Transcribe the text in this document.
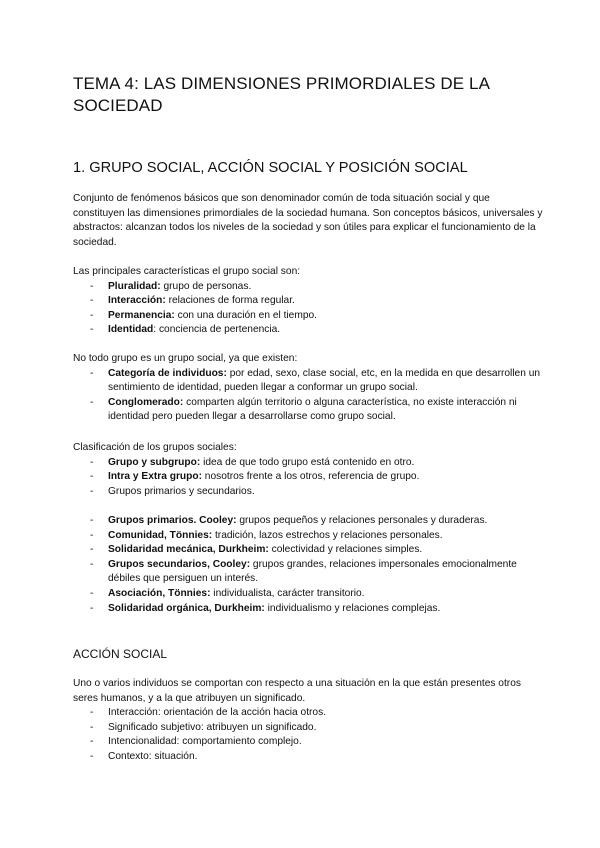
TEMA 4: LAS DIMENSIONES PRIMORDIALES DE LA SOCIEDAD
1. GRUPO SOCIAL, ACCIÓN SOCIAL Y POSICIÓN SOCIAL

Conjunto de fenómenos básicos que son denominador común de toda situación social y que constituyen las dimensiones primordiales de la sociedad humana. Son conceptos básicos, universales y abstractos: alcanzan todos los niveles de la sociedad y son útiles para explicar el funcionamiento de la sociedad.

Las principales características el grupo social son:

- Pluralidad: grupo de personas.
- Interacción: relaciones de forma regular.
- Permanencia: con una duración en el tiempo.
- Identidad: conciencia de pertenencia.

No todo grupo es un grupo social, ya que existen:

- Categoría de individuos: por edad, sexo, clase social, etc, en la medida en que desarrollen un sentimiento de identidad, pueden llegar a conformar un grupo social.
- Conglomerado: comparten algún territorio o alguna característica, no existe interacción ni identidad pero pueden llegar a desarrollarse como grupo social.

Clasificación de los grupos sociales:

- Grupo y subgrupo: idea de que todo grupo está contenido en otro.
- Intra y Extra grupo: nosotros frente a los otros, referencia de grupo.
- Grupos primarios y secundarios.
- Grupos primarios. Cooley: grupos pequeños y relaciones personales y duraderas.
- Comunidad, Tönnies: tradición, lazos estrechos y relaciones personales.
- Solidaridad mecánica, Durkheim: colectividad y relaciones simples.
- Grupos secundarios, Cooley: grupos grandes, relaciones impersonales emocionalmente débiles que persiguen un interés.
- Asociación, Tönnies: individualista, carácter transitorio.
- Solidaridad orgánica, Durkheim: individualismo y relaciones complejas.
ACCIÓN SOCIAL

Uno o varios individuos se comportan con respecto a una situación en la que están presentes otros seres humanos, y a la que atribuyen un significado.

- Interacción: orientación de la acción hacia otros.
- Significado subjetivo: atribuyen un significado.
- Intencionalidad: comportamiento complejo.
- Contexto: situación.
